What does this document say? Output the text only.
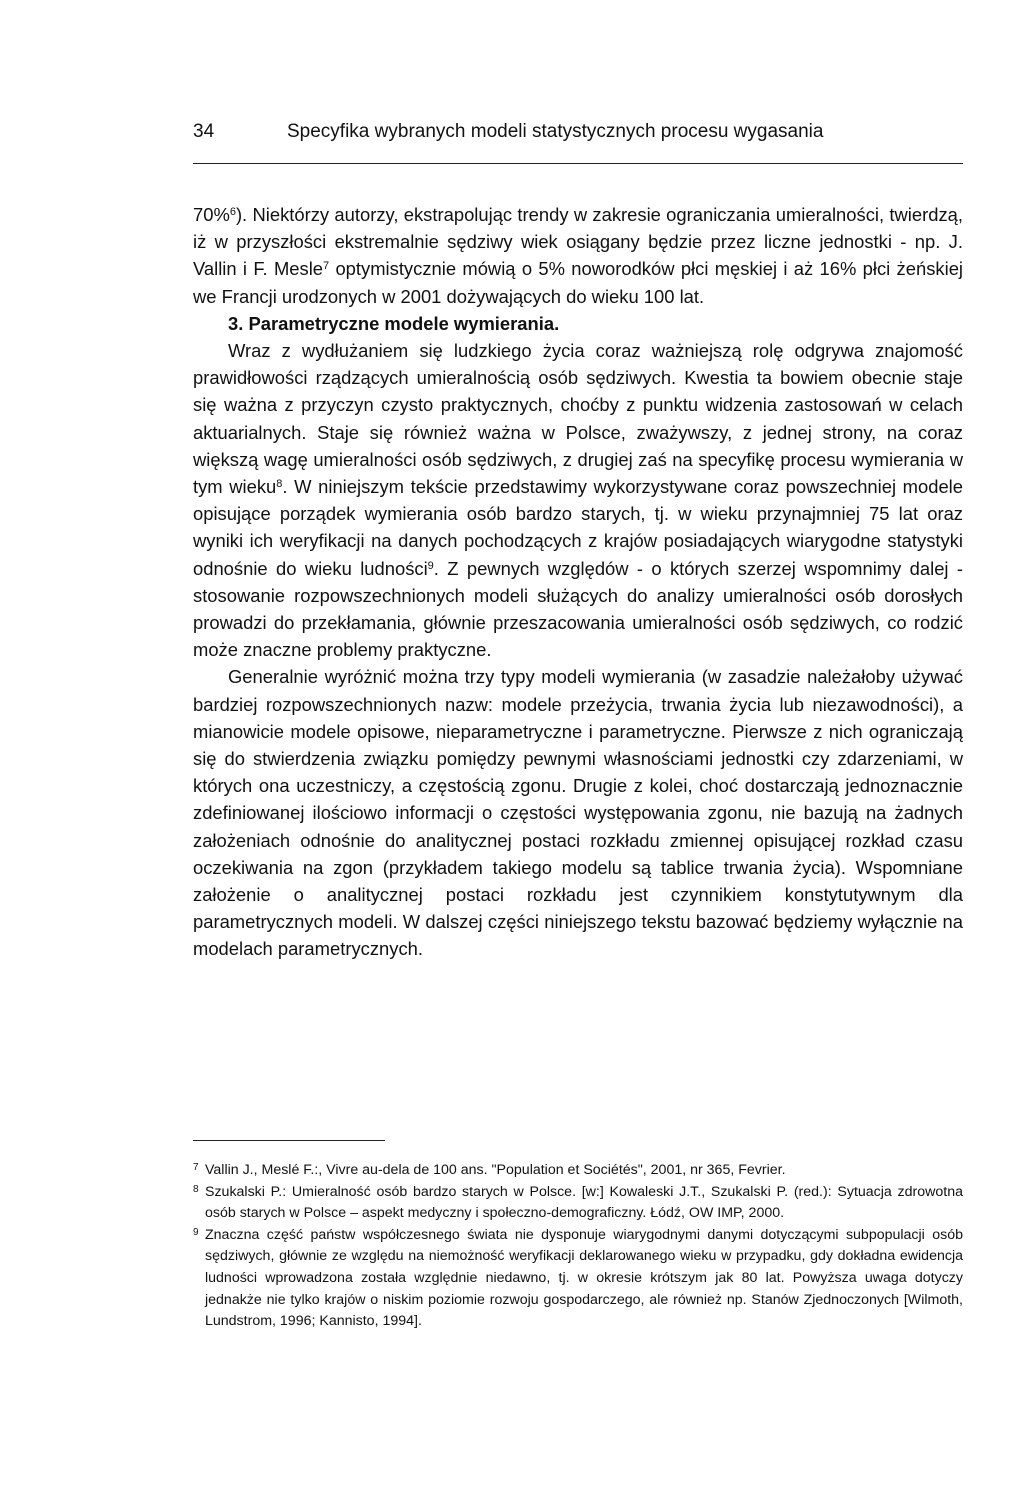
34	Specyfika wybranych modeli statystycznych procesu wygasania

70%$^6$). Niektórzy autorzy, ekstrapolując trendy w zakresie ograniczania umieralności, twierdzą, iż w przyszłości ekstremalnie sędziwy wiek osiągany będzie przez liczne jednostki - np. J. Vallin i F. Mesle$^7$ optymistycznie mówią o 5% noworodków płci męskiej i aż 16% płci żeńskiej we Francji urodzonych w 2001 dożywających do wieku 100 lat.

3. Parametryczne modele wymierania.

Wraz z wydłużaniem się ludzkiego życia coraz ważniejszą rolę odgrywa znajomość prawidłowości rządzących umieralnością osób sędziwych. Kwestia ta bowiem obecnie staje się ważna z przyczyn czysto praktycznych, choćby z punktu widzenia zastosowań w celach aktuarialnych. Staje się również ważna w Polsce, zważywszy, z jednej strony, na coraz większą wagę umieralności osób sędziwych, z drugiej zaś na specyfikę procesu wymierania w tym wieku$^8$. W niniejszym tekście przedstawimy wykorzystywane coraz powszechniej modele opisujące porządek wymierania osób bardzo starych, tj. w wieku przynajmniej 75 lat oraz wyniki ich weryfikacji na danych pochodzących z krajów posiadających wiarygodne statystyki odnośnie do wieku ludności$^9$. Z pewnych względów - o których szerzej wspomnimy dalej - stosowanie rozpowszechnionych modeli służących do analizy umieralności osób dorosłych prowadzi do przekłamania, głównie przeszacowania umieralności osób sędziwych, co rodzić może znaczne problemy praktyczne.

Generalnie wyróżnić można trzy typy modeli wymierania (w zasadzie należałoby używać bardziej rozpowszechnionych nazw: modele przeżycia, trwania życia lub niezawodności), a mianowicie modele opisowe, nieparametryczne i parametryczne. Pierwsze z nich ograniczają się do stwierdzenia związku pomiędzy pewnymi własnościami jednostki czy zdarzeniami, w których ona uczestniczy, a częstością zgonu. Drugie z kolei, choć dostarczają jednoznacznie zdefiniowanej ilościowo informacji o częstości występowania zgonu, nie bazują na żadnych założeniach odnośnie do analitycznej postaci rozkładu zmiennej opisującej rozkład czasu oczekiwania na zgon (przykładem takiego modelu są tablice trwania życia). Wspomniane założenie o analitycznej postaci rozkładu jest czynnikiem konstytutywnym dla parametrycznych modeli. W dalszej części niniejszego tekstu bazować będziemy wyłącznie na modelach parametrycznych.

7 Vallin J., Meslé F.:, Vivre au-dela de 100 ans. "Population et Sociétés", 2001, nr 365, Fevrier.
8 Szukalski P.: Umieralność osób bardzo starych w Polsce. [w:] Kowaleski J.T., Szukalski P. (red.): Sytuacja zdrowotna osób starych w Polsce – aspekt medyczny i społeczno-demograficzny. Łódź, OW IMP, 2000.
9 Znaczna część państw współczesnego świata nie dysponuje wiarygodnymi danymi dotyczącymi subpopulacji osób sędziwych, głównie ze względu na niemożność weryfikacji deklarowanego wieku w przypadku, gdy dokładna ewidencja ludności wprowadzona została względnie niedawno, tj. w okresie krótszym jak 80 lat. Powyższa uwaga dotyczy jednakże nie tylko krajów o niskim poziomie rozwoju gospodarczego, ale również np. Stanów Zjednoczonych [Wilmoth, Lundstrom, 1996; Kannisto, 1994].
